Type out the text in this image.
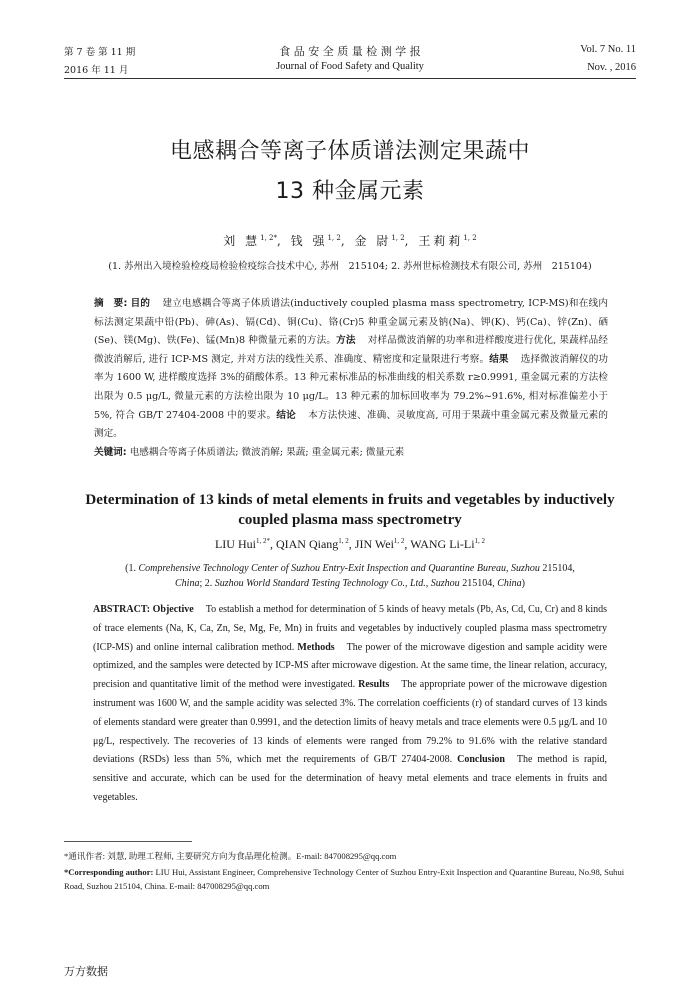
第 7 卷 第 11 期
2016 年 11 月
食 品 安 全 质 量 检 测 学 报
Journal of Food Safety and Quality
Vol. 7 No. 11
Nov. , 2016
电感耦合等离子体质谱法测定果蔬中
13 种金属元素
刘 慧$^{1, 2*}$, 钱 强$^{1, 2}$, 金 尉$^{1, 2}$, 王莉莉$^{1, 2}$
(1. 苏州出入境检验检疫局检验检疫综合技术中心, 苏州　215104; 2. 苏州世标检测技术有限公司, 苏州　215104)
摘　要: 目的 建立电感耦合等离子体质谱法(inductively coupled plasma mass spectrometry, ICP-MS)和在线内标法测定果蔬中铅(Pb)、砷(As)、镉(Cd)、铜(Cu)、铬(Cr)5 种重金属元素及钠(Na)、钾(K)、钙(Ca)、锌(Zn)、硒(Se)、镁(Mg)、铁(Fe)、锰(Mn)8 种微量元素的方法。方法 对样品微波消解的功率和进样酸度进行优化, 果蔬样品经微波消解后, 进行 ICP-MS 测定, 并对方法的线性关系、准确度、精密度和定量限进行考察。结果 选择微波消解仪的功率为 1600 W, 进样酸度选择 3%的硝酸体系。13 种元素标准品的标准曲线的相关系数 r≥0.9991, 重金属元素的方法检出限为 0.5 μg/L, 微量元素的方法检出限为 10 μg/L。13 种元素的加标回收率为 79.2%~91.6%, 相对标准偏差小于 5%, 符合 GB/T 27404-2008 中的要求。结论 本方法快速、准确、灵敏度高, 可用于果蔬中重金属元素及微量元素的测定。
关键词: 电感耦合等离子体质谱法; 微波消解; 果蔬; 重金属元素; 微量元素
Determination of 13 kinds of metal elements in fruits and vegetables by inductively coupled plasma mass spectrometry
LIU Hui$^{1, 2*}$, QIAN Qiang$^{1, 2}$, JIN Wei$^{1, 2}$, WANG Li-Li$^{1, 2}$
(1. Comprehensive Technology Center of Suzhou Entry-Exit Inspection and Quarantine Bureau, Suzhou 215104,
China; 2. Suzhou World Standard Testing Technology Co., Ltd., Suzhou 215104, China)
ABSTRACT: Objective To establish a method for determination of 5 kinds of heavy metals (Pb, As, Cd, Cu, Cr) and 8 kinds of trace elements (Na, K, Ca, Zn, Se, Mg, Fe, Mn) in fruits and vegetables by inductively coupled plasma mass spectrometry (ICP-MS) and online internal calibration method. Methods The power of the microwave digestion and sample acidity were optimized, and the samples were detected by ICP-MS after microwave digestion. At the same time, the linear relation, accuracy, precision and quantitative limit of the method were investigated. Results The appropriate power of the microwave digestion instrument was 1600 W, and the sample acidity was selected 3%. The correlation coefficients (r) of standard curves of 13 kinds of elements standard were greater than 0.9991, and the detection limits of heavy metals and trace elements were 0.5 μg/L and 10 μg/L, respectively. The recoveries of 13 kinds of elements were ranged from 79.2% to 91.6% with the relative standard deviations (RSDs) less than 5%, which met the requirements of GB/T 27404-2008. Conclusion The method is rapid, sensitive and accurate, which can be used for the determination of heavy metal elements and trace elements in fruits and vegetables.
*通讯作者: 刘慧, 助理工程师, 主要研究方向为食品理化检测。E-mail: 847008295@qq.com
*Corresponding author: LIU Hui, Assistant Engineer, Comprehensive Technology Center of Suzhou Entry-Exit Inspection and Quarantine Bureau, No.98, Suhui Road, Suzhou 215104, China. E-mail: 847008295@qq.com
万方数据
